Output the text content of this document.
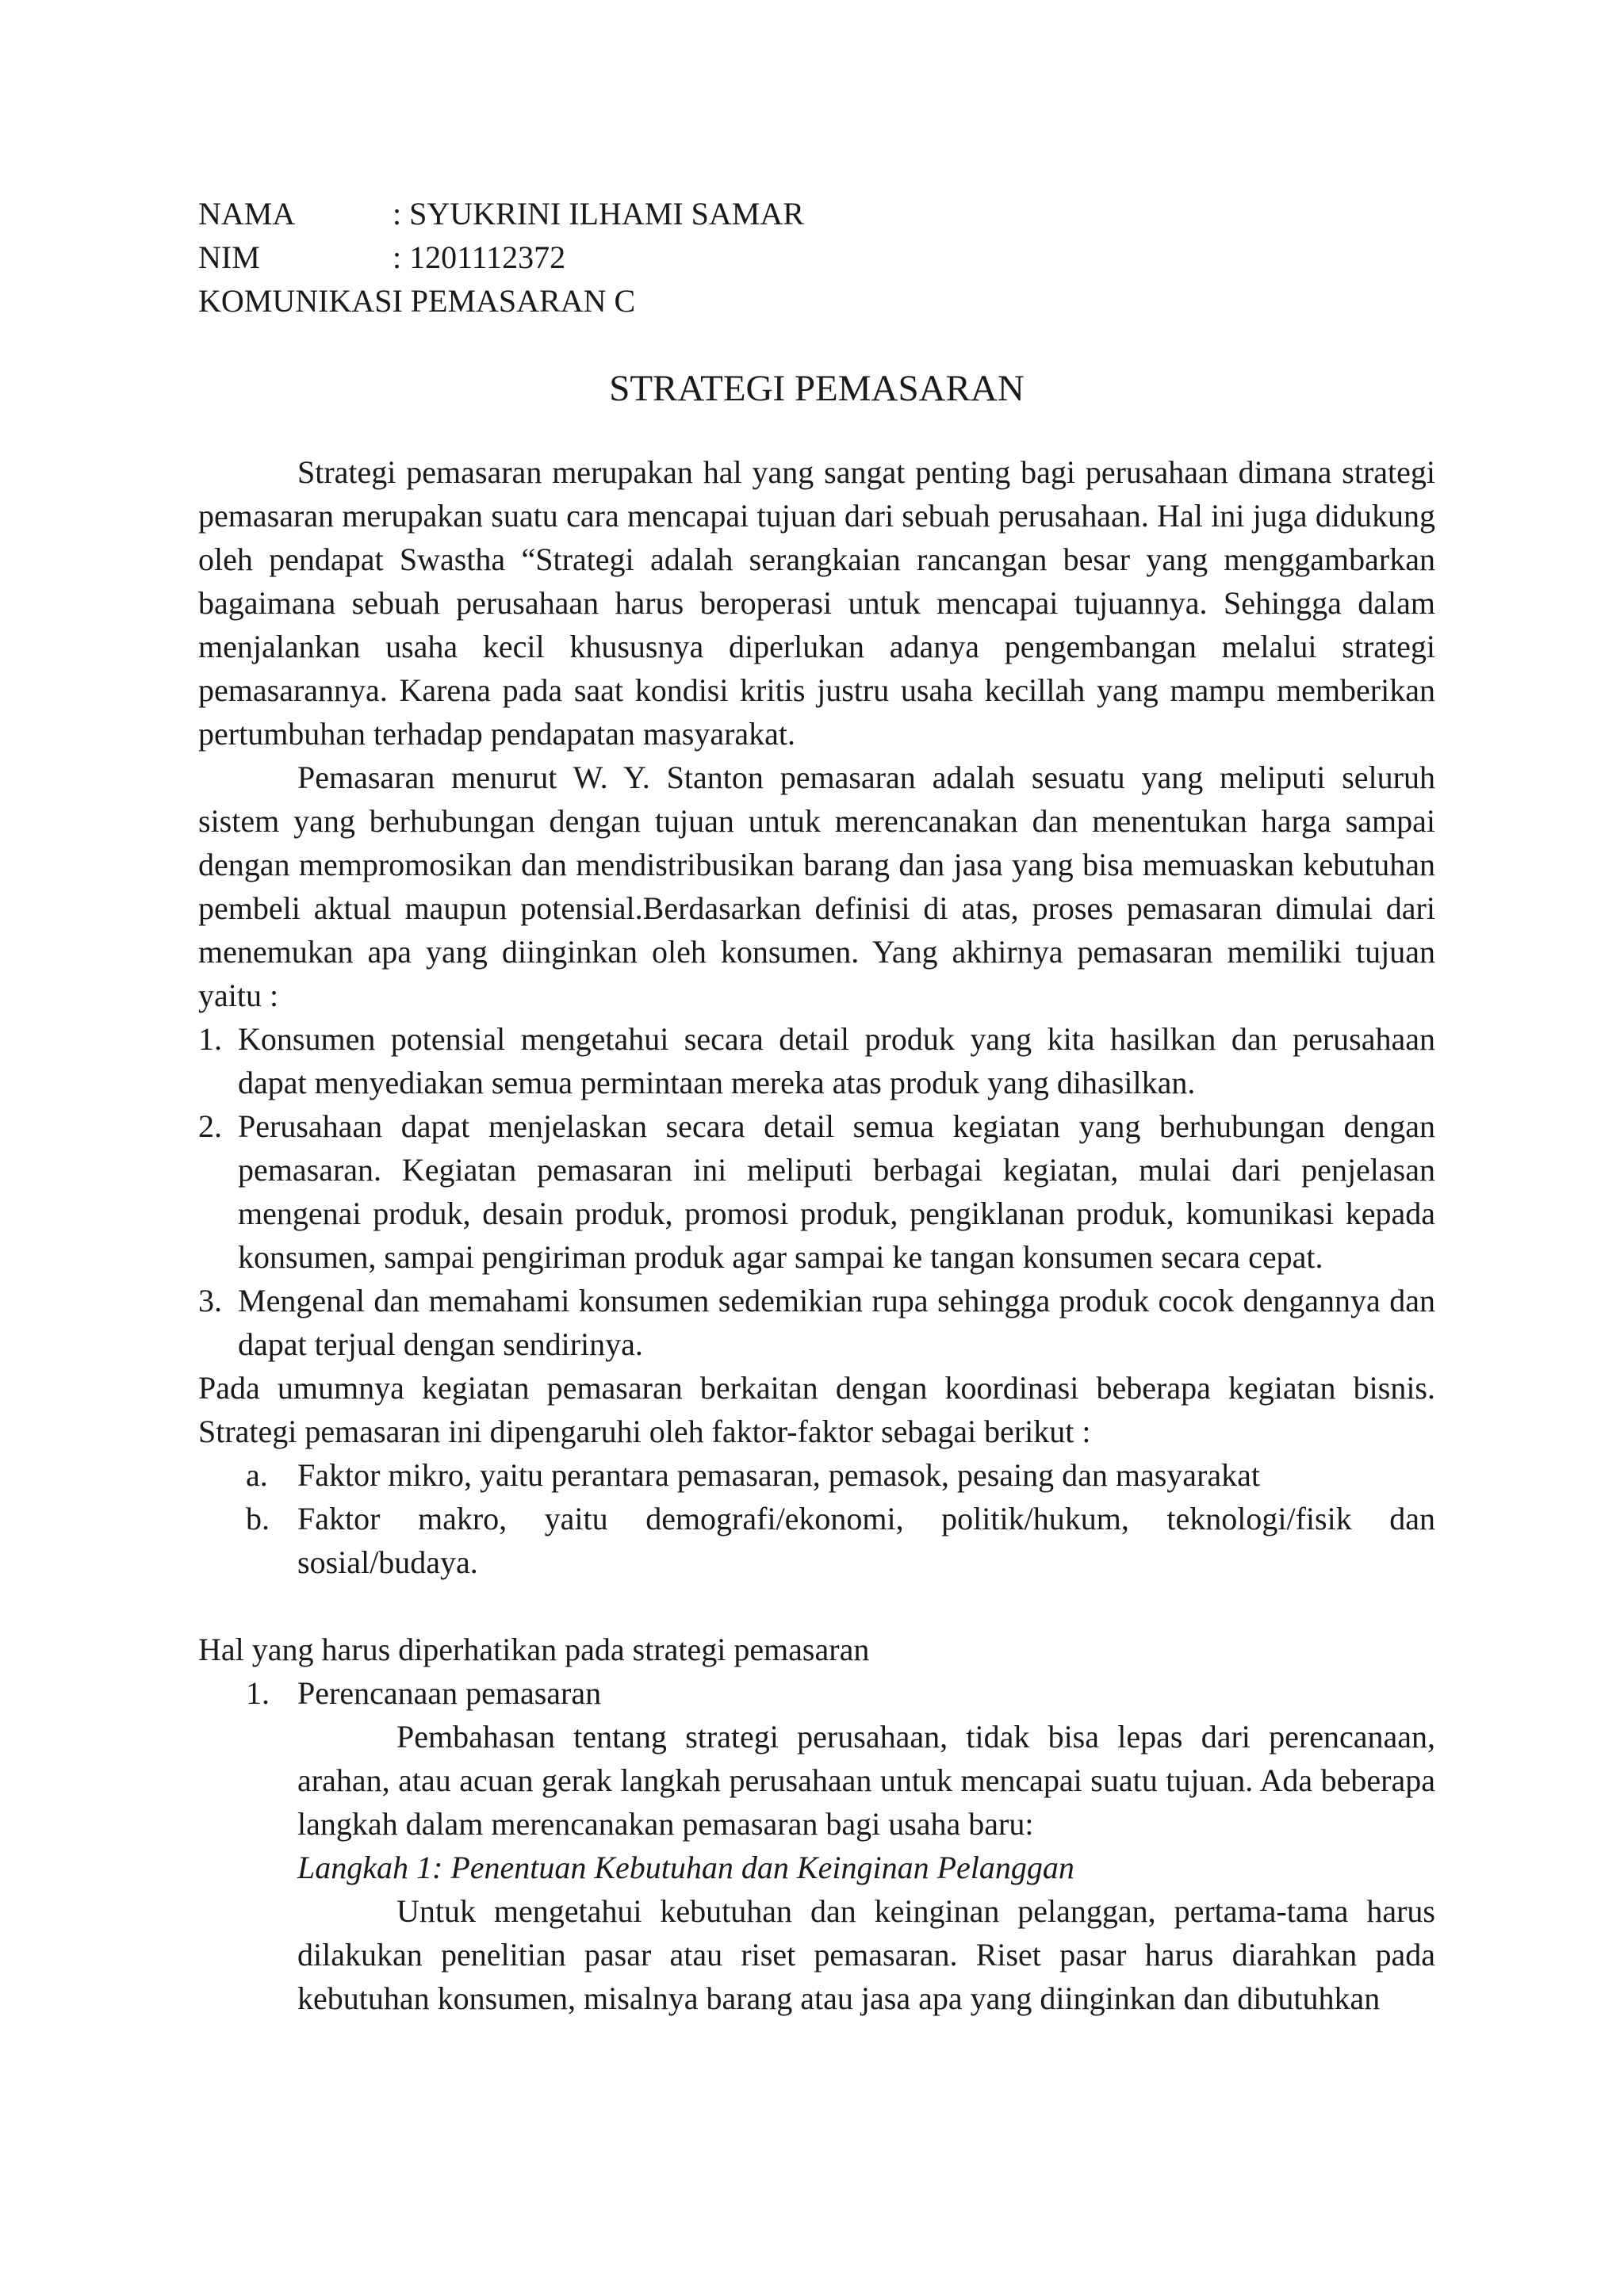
NAMA	: SYUKRINI ILHAMI SAMAR
NIM	: 1201112372
KOMUNIKASI PEMASARAN C
STRATEGI PEMASARAN

Strategi pemasaran merupakan hal yang sangat penting bagi perusahaan dimana strategi pemasaran merupakan suatu cara mencapai tujuan dari sebuah perusahaan. Hal ini juga didukung oleh pendapat Swastha “Strategi adalah serangkaian rancangan besar yang menggambarkan bagaimana sebuah perusahaan harus beroperasi untuk mencapai tujuannya. Sehingga dalam menjalankan usaha kecil khususnya diperlukan adanya pengembangan melalui strategi pemasarannya. Karena pada saat kondisi kritis justru usaha kecillah yang mampu memberikan pertumbuhan terhadap pendapatan masyarakat.

Pemasaran menurut W. Y. Stanton pemasaran adalah sesuatu yang meliputi seluruh sistem yang berhubungan dengan tujuan untuk merencanakan dan menentukan harga sampai dengan mempromosikan dan mendistribusikan barang dan jasa yang bisa memuaskan kebutuhan pembeli aktual maupun potensial.Berdasarkan definisi di atas, proses pemasaran dimulai dari menemukan apa yang diinginkan oleh konsumen. Yang akhirnya pemasaran memiliki tujuan yaitu :

1. Konsumen potensial mengetahui secara detail produk yang kita hasilkan dan perusahaan dapat menyediakan semua permintaan mereka atas produk yang dihasilkan.
2. Perusahaan dapat menjelaskan secara detail semua kegiatan yang berhubungan dengan pemasaran. Kegiatan pemasaran ini meliputi berbagai kegiatan, mulai dari penjelasan mengenai produk, desain produk, promosi produk, pengiklanan produk, komunikasi kepada konsumen, sampai pengiriman produk agar sampai ke tangan konsumen secara cepat.
3. Mengenal dan memahami konsumen sedemikian rupa sehingga produk cocok dengannya dan dapat terjual dengan sendirinya.

Pada umumnya kegiatan pemasaran berkaitan dengan koordinasi beberapa kegiatan bisnis. Strategi pemasaran ini dipengaruhi oleh faktor-faktor sebagai berikut :

a. Faktor mikro, yaitu perantara pemasaran, pemasok, pesaing dan masyarakat
b. Faktor makro, yaitu demografi/ekonomi, politik/hukum, teknologi/fisik dan sosial/budaya.

Hal yang harus diperhatikan pada strategi pemasaran

1. Perencanaan pemasaran

Pembahasan tentang strategi perusahaan, tidak bisa lepas dari perencanaan, arahan, atau acuan gerak langkah perusahaan untuk mencapai suatu tujuan. Ada beberapa langkah dalam merencanakan pemasaran bagi usaha baru:

Langkah 1: Penentuan Kebutuhan dan Keinginan Pelanggan

Untuk mengetahui kebutuhan dan keinginan pelanggan, pertama-tama harus dilakukan penelitian pasar atau riset pemasaran. Riset pasar harus diarahkan pada kebutuhan konsumen, misalnya barang atau jasa apa yang diinginkan dan dibutuhkan
